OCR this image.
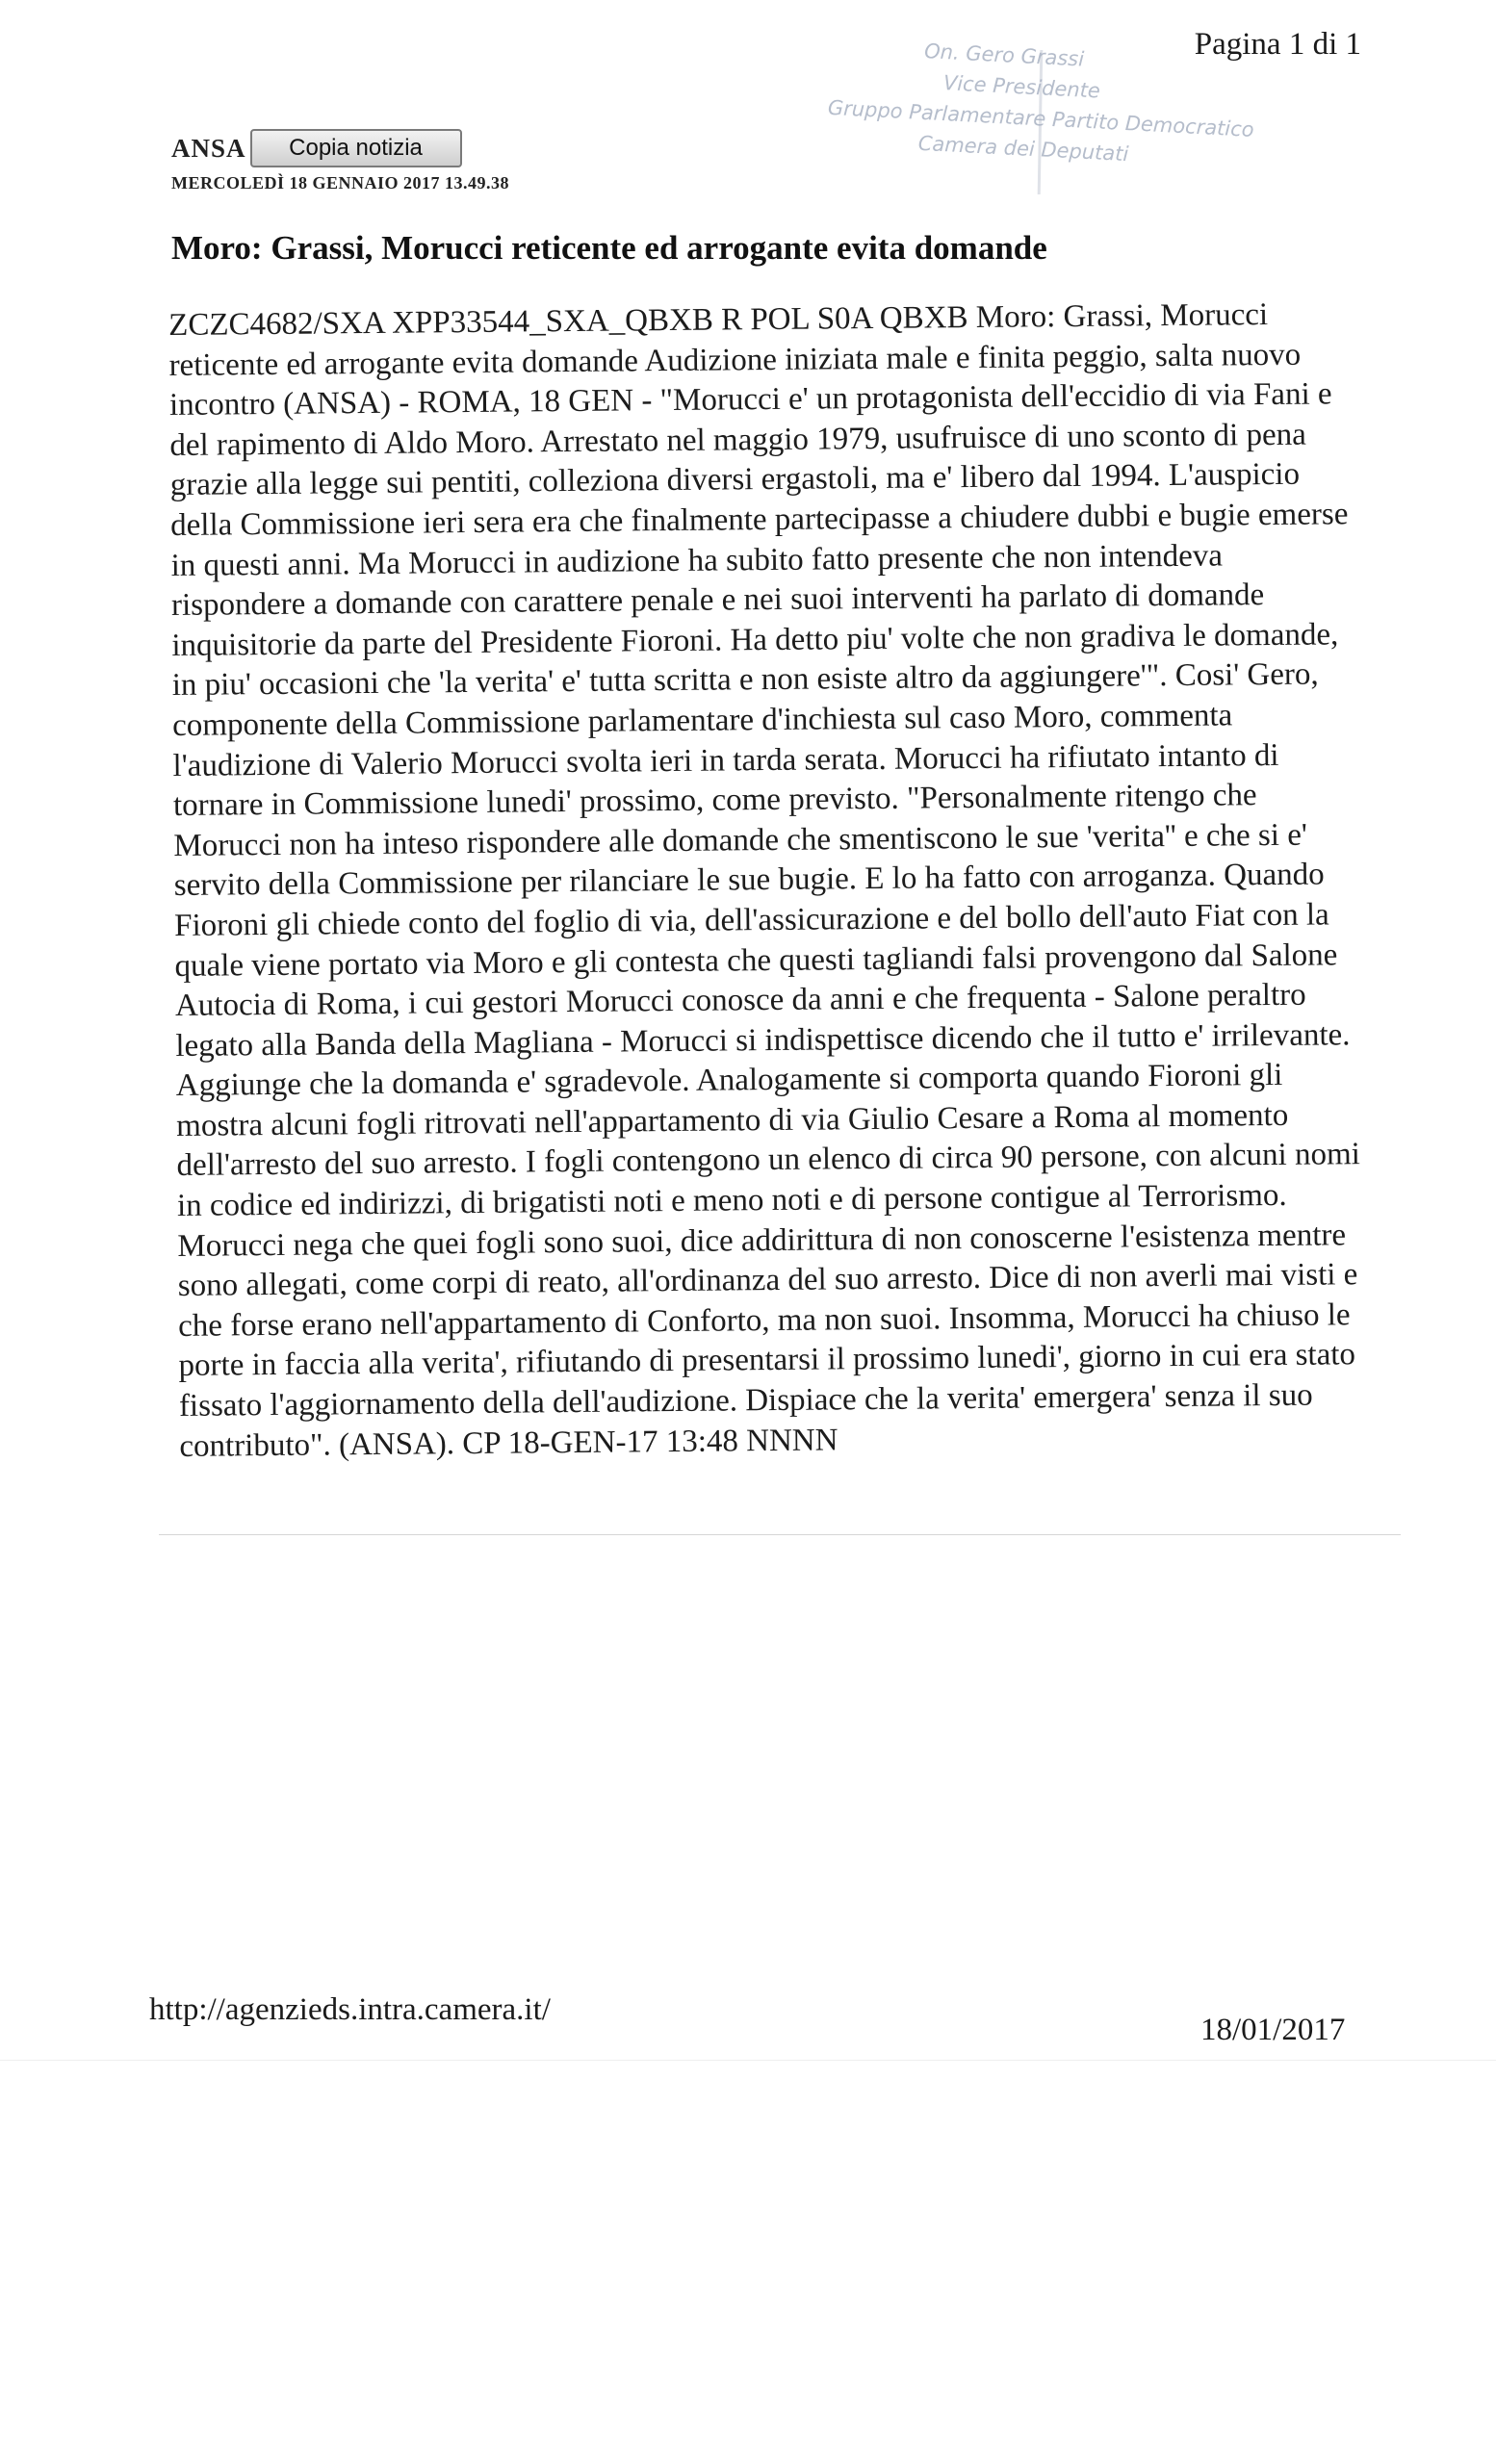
Pagina 1 di 1
On. Gero Grassi
Vice Presidente
Gruppo Parlamentare Partito Democratico
Camera dei Deputati
ANSA	Copia notizia
MERCOLEDÌ 18 GENNAIO 2017 13.49.38
Moro: Grassi, Morucci reticente ed arrogante evita domande

ZCZC4682/SXA XPP33544_SXA_QBXB R POL S0A QBXB Moro: Grassi, Morucci reticente ed arrogante evita domande Audizione iniziata male e finita peggio, salta nuovo incontro (ANSA) - ROMA, 18 GEN - "Morucci e' un protagonista dell'eccidio di via Fani e del rapimento di Aldo Moro. Arrestato nel maggio 1979, usufruisce di uno sconto di pena grazie alla legge sui pentiti, colleziona diversi ergastoli, ma e' libero dal 1994. L'auspicio della Commissione ieri sera era che finalmente partecipasse a chiudere dubbi e bugie emerse in questi anni. Ma Morucci in audizione ha subito fatto presente che non intendeva rispondere a domande con carattere penale e nei suoi interventi ha parlato di domande inquisitorie da parte del Presidente Fioroni. Ha detto piu' volte che non gradiva le domande, in piu' occasioni che 'la verita' e' tutta scritta e non esiste altro da aggiungere'". Cosi' Gero, componente della Commissione parlamentare d'inchiesta sul caso Moro, commenta l'audizione di Valerio Morucci svolta ieri in tarda serata. Morucci ha rifiutato intanto di tornare in Commissione lunedi' prossimo, come previsto. "Personalmente ritengo che Morucci non ha inteso rispondere alle domande che smentiscono le sue 'verita'' e che si e' servito della Commissione per rilanciare le sue bugie. E lo ha fatto con arroganza. Quando Fioroni gli chiede conto del foglio di via, dell'assicurazione e del bollo dell'auto Fiat con la quale viene portato via Moro e gli contesta che questi tagliandi falsi provengono dal Salone Autocia di Roma, i cui gestori Morucci conosce da anni e che frequenta - Salone peraltro legato alla Banda della Magliana - Morucci si indispettisce dicendo che il tutto e' irrilevante. Aggiunge che la domanda e' sgradevole. Analogamente si comporta quando Fioroni gli mostra alcuni fogli ritrovati nell'appartamento di via Giulio Cesare a Roma al momento dell'arresto del suo arresto. I fogli contengono un elenco di circa 90 persone, con alcuni nomi in codice ed indirizzi, di brigatisti noti e meno noti e di persone contigue al Terrorismo. Morucci nega che quei fogli sono suoi, dice addirittura di non conoscerne l'esistenza mentre sono allegati, come corpi di reato, all'ordinanza del suo arresto. Dice di non averli mai visti e che forse erano nell'appartamento di Conforto, ma non suoi. Insomma, Morucci ha chiuso le porte in faccia alla verita', rifiutando di presentarsi il prossimo lunedi', giorno in cui era stato fissato l'aggiornamento della dell'audizione. Dispiace che la verita' emergera' senza il suo contributo". (ANSA). CP 18-GEN-17 13:48 NNNN

http://agenzieds.intra.camera.it/
18/01/2017
